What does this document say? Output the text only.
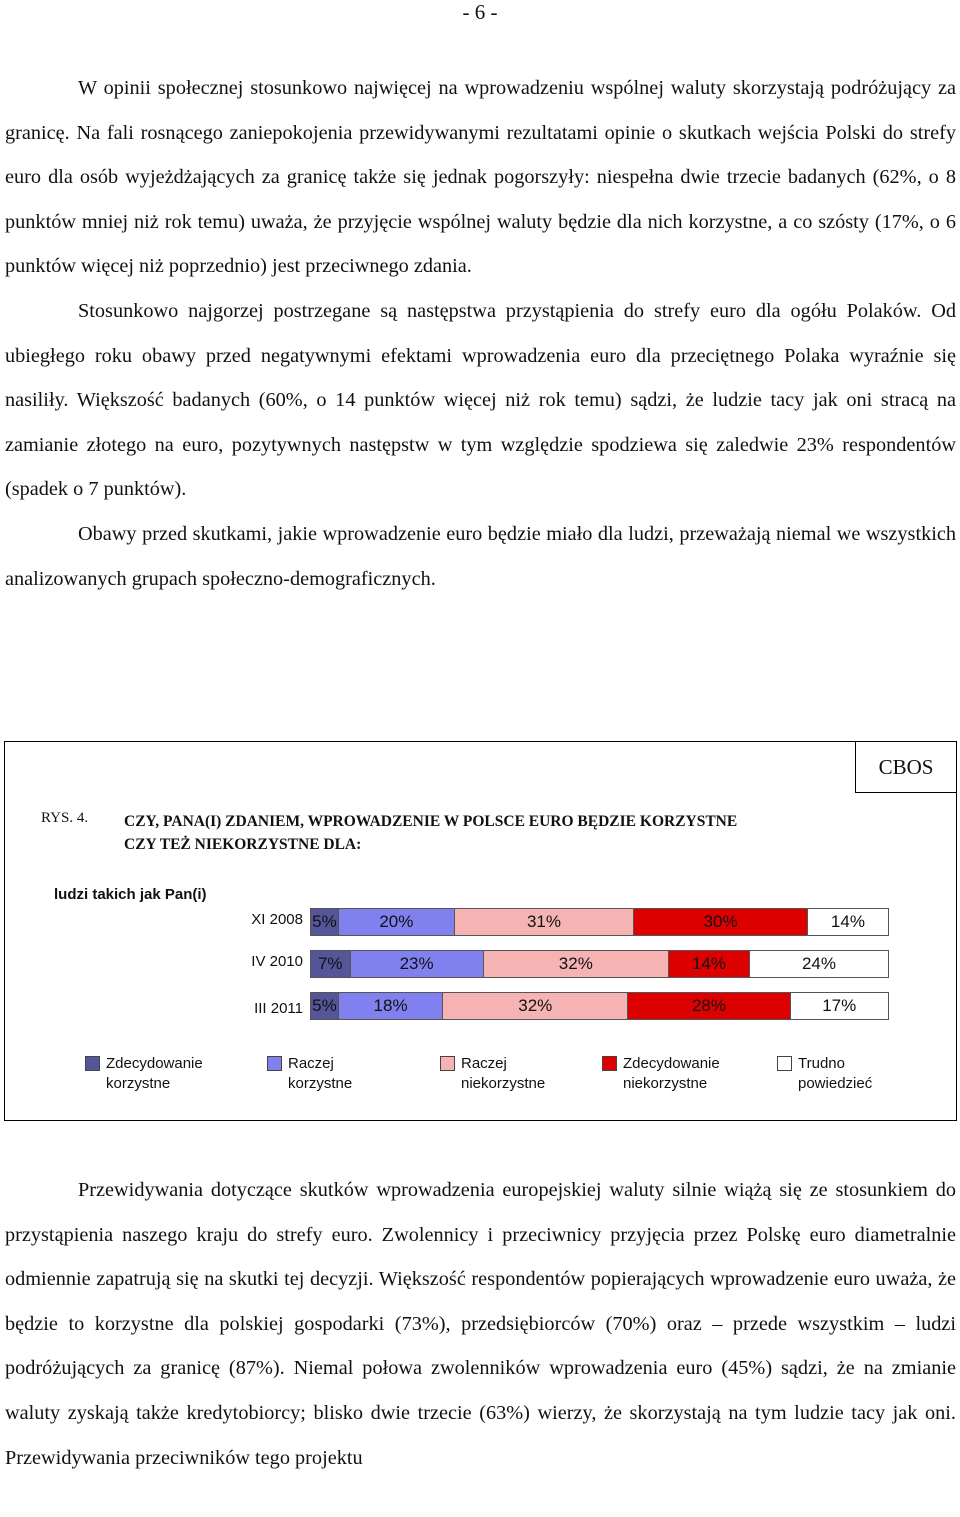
- 6 -

W opinii społecznej stosunkowo najwięcej na wprowadzeniu wspólnej waluty skorzystają podróżujący za granicę. Na fali rosnącego zaniepokojenia przewidywanymi rezultatami opinie o skutkach wejścia Polski do strefy euro dla osób wyjeżdżających za granicę także się jednak pogorszyły: niespełna dwie trzecie badanych (62%, o 8 punktów mniej niż rok temu) uważa, że przyjęcie wspólnej waluty będzie dla nich korzystne, a co szósty (17%, o 6 punktów więcej niż poprzednio) jest przeciwnego zdania.

Stosunkowo najgorzej postrzegane są następstwa przystąpienia do strefy euro dla ogółu Polaków. Od ubiegłego roku obawy przed negatywnymi efektami wprowadzenia euro dla przeciętnego Polaka wyraźnie się nasiliły. Większość badanych (60%, o 14 punktów więcej niż rok temu) sądzi, że ludzie tacy jak oni stracą na zamianie złotego na euro, pozytywnych następstw w tym względzie spodziewa się zaledwie 23% respondentów (spadek o 7 punktów).

Obawy przed skutkami, jakie wprowadzenie euro będzie miało dla ludzi, przeważają niemal we wszystkich analizowanych grupach społeczno-demograficznych.

CBOS
RYS. 4. CZY, PANA(I) ZDANIEM, WPROWADZENIE W POLSCE EURO BĘDZIE KORZYSTNE
CZY TEŻ NIEKORZYSTNE DLA:
ludzi takich jak Pan(i)
XI 2008 5%	20%	31%	30%	14%
IV 2010 7%	23%	32%	14%	24%
III 2011 5%	18%	32%	28%	17%
Zdecydowanie
korzystne
Raczej
korzystne
Raczej
niekorzystne
Zdecydowanie
niekorzystne
Trudno
powiedzieć

Przewidywania dotyczące skutków wprowadzenia europejskiej waluty silnie wiążą się ze stosunkiem do przystąpienia naszego kraju do strefy euro. Zwolennicy i przeciwnicy przyjęcia przez Polskę euro diametralnie odmiennie zapatrują się na skutki tej decyzji. Większość respondentów popierających wprowadzenie euro uważa, że będzie to korzystne dla polskiej gospodarki (73%), przedsiębiorców (70%) oraz – przede wszystkim – ludzi podróżujących za granicę (87%). Niemal połowa zwolenników wprowadzenia euro (45%) sądzi, że na zmianie waluty zyskają także kredytobiorcy; blisko dwie trzecie (63%) wierzy, że skorzystają na tym ludzie tacy jak oni. Przewidywania przeciwników tego projektu
